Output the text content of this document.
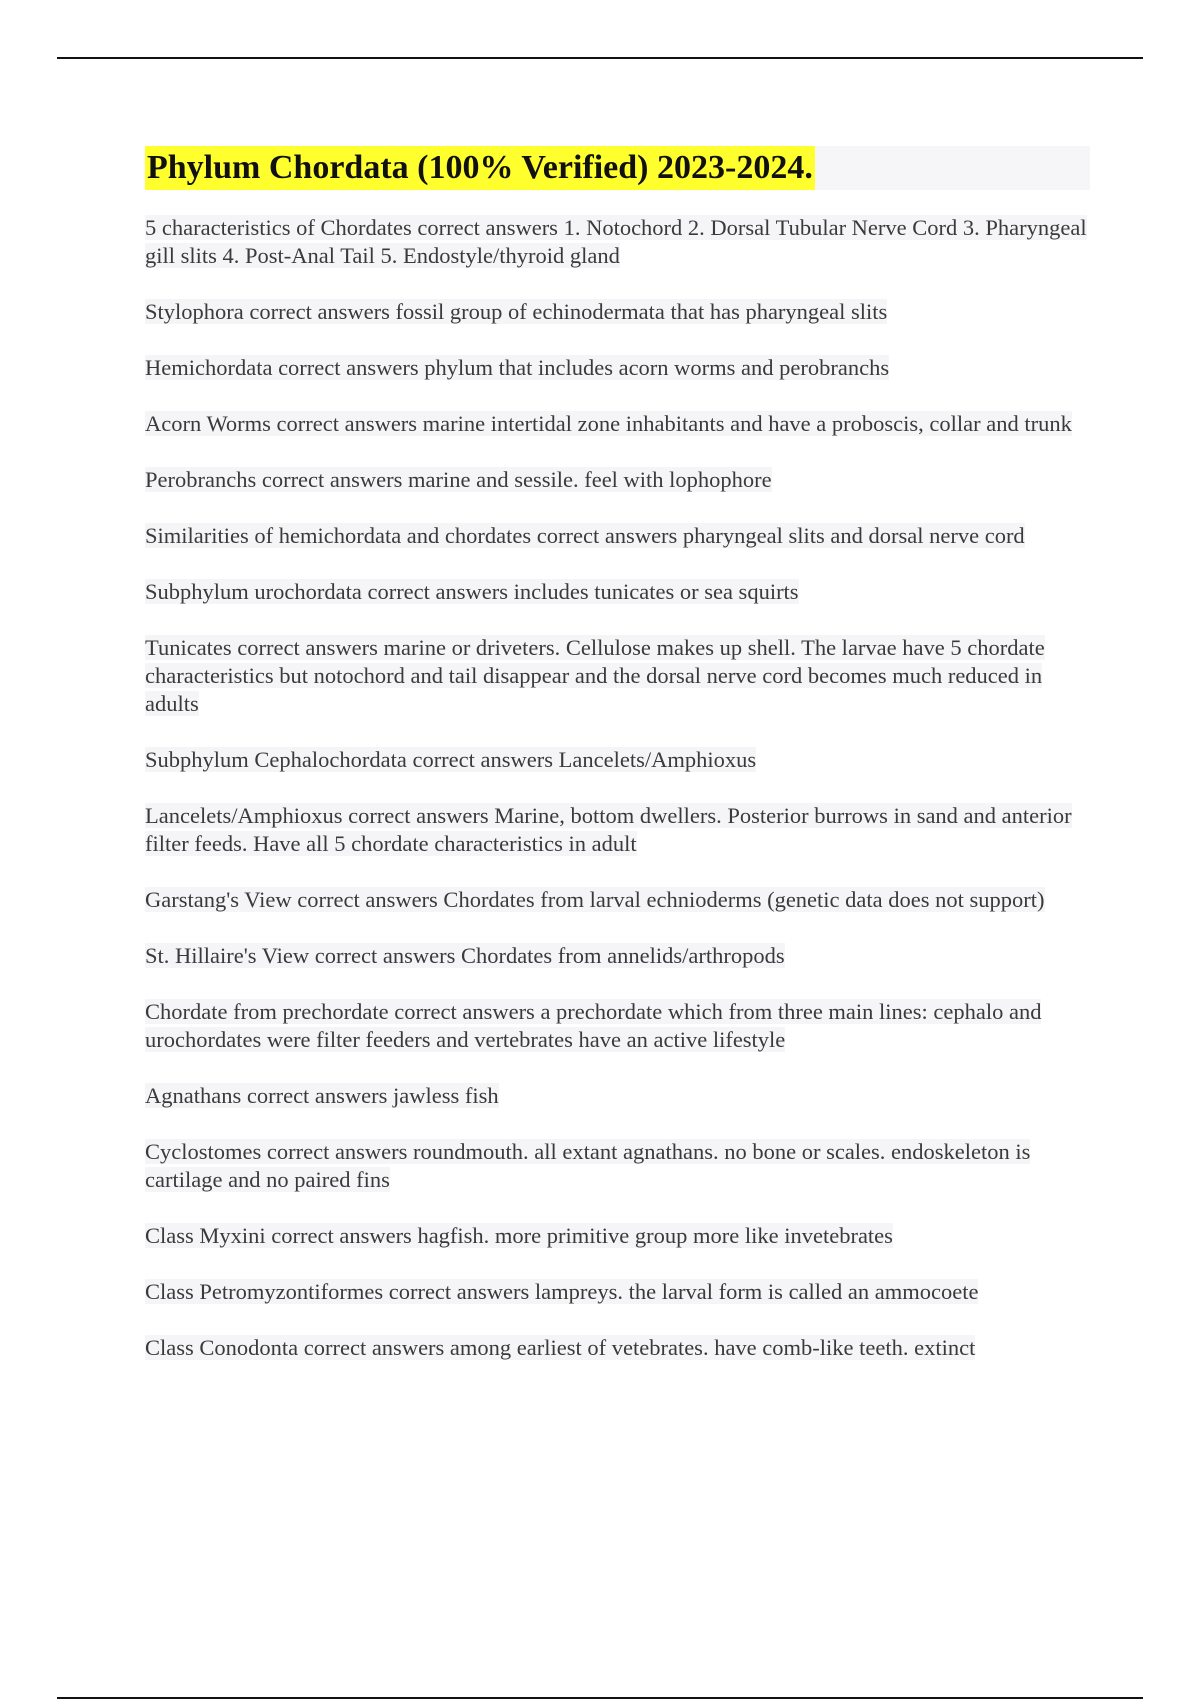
Phylum Chordata (100% Verified) 2023-2024.
5 characteristics of Chordates correct answers 1. Notochord 2. Dorsal Tubular Nerve Cord 3. Pharyngeal gill slits 4. Post-Anal Tail 5. Endostyle/thyroid gland
Stylophora correct answers fossil group of echinodermata that has pharyngeal slits
Hemichordata correct answers phylum that includes acorn worms and perobranchs
Acorn Worms correct answers marine intertidal zone inhabitants and have a proboscis, collar and trunk
Perobranchs correct answers marine and sessile. feel with lophophore
Similarities of hemichordata and chordates correct answers pharyngeal slits and dorsal nerve cord
Subphylum urochordata correct answers includes tunicates or sea squirts
Tunicates correct answers marine or driveters. Cellulose makes up shell. The larvae have 5 chordate characteristics but notochord and tail disappear and the dorsal nerve cord becomes much reduced in adults
Subphylum Cephalochordata correct answers Lancelets/Amphioxus
Lancelets/Amphioxus correct answers Marine, bottom dwellers. Posterior burrows in sand and anterior filter feeds. Have all 5 chordate characteristics in adult
Garstang's View correct answers Chordates from larval echnioderms (genetic data does not support)
St. Hillaire's View correct answers Chordates from annelids/arthropods
Chordate from prechordate correct answers a prechordate which from three main lines: cephalo and urochordates were filter feeders and vertebrates have an active lifestyle
Agnathans correct answers jawless fish
Cyclostomes correct answers roundmouth. all extant agnathans. no bone or scales. endoskeleton is cartilage and no paired fins
Class Myxini correct answers hagfish. more primitive group more like invetebrates
Class Petromyzontiformes correct answers lampreys. the larval form is called an ammocoete
Class Conodonta correct answers among earliest of vetebrates. have comb-like teeth. extinct
